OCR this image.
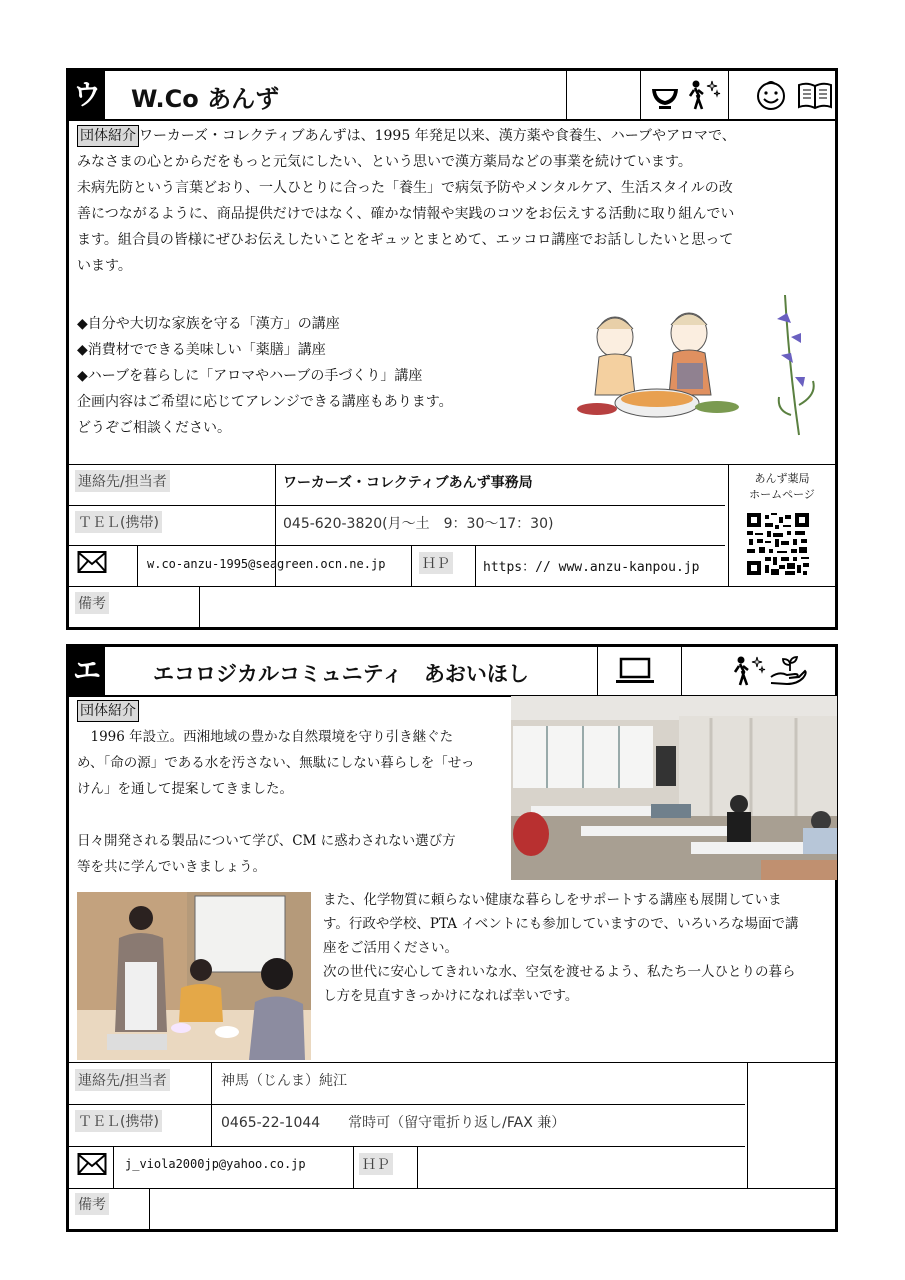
ウ W.Co あんず
団体紹介 ワーカーズ・コレクティブあんずは、1995 年発足以来、漢方薬や食養生、ハーブやアロマで、
みなさまの心とからだをもっと元気にしたい、という思いで漢方薬局などの事業を続けています。
未病先防という言葉どおり、一人ひとりに合った「養生」で病気予防やメンタルケア、生活スタイルの改
善につながるように、商品提供だけではなく、確かな情報や実践のコツをお伝えする活動に取り組んでい
ます。組合員の皆様にぜひお伝えしたいことをギュッとまとめて、エッコロ講座でお話ししたいと思って
います。
◆自分や大切な家族を守る「漢方」の講座
◆消費材でできる美味しい「薬膳」講座
◆ハーブを暮らしに「アロマやハーブの手づくり」講座
企画内容はご希望に応じてアレンジできる講座もあります。
どうぞご相談ください。
連絡先/担当者	ワーカーズ・コレクティブあんず事務局	あんず薬局
ホームページ
ＴＥＬ(携帯)	045-620-3820(月～土　9：30～17：30)
w.co-anzu-1995@seagreen.ocn.ne.jp	ＨＰ	https：// www.anzu-kanpou.jp
備考
エ エコロジカルコミュニティ　あおいほし
団体紹介
　1996 年設立。西湘地域の豊かな自然環境を守り引き継ぐた
め、「命の源」である水を汚さない、無駄にしない暮らしを「せっ
けん」を通して提案してきました。
日々開発される製品について学び、CM に惑わされない選び方
等を共に学んでいきましょう。
また、化学物質に頼らない健康な暮らしをサポートする講座も展開していま
す。行政や学校、PTA イベントにも参加していますので、いろいろな場面で講
座をご活用ください。
次の世代に安心してきれいな水、空気を渡せるよう、私たち一人ひとりの暮ら
し方を見直すきっかけになれば幸いです。
連絡先/担当者	神馬（じんま）純江
ＴＥＬ(携帯)	0465-22-1044　　常時可（留守電折り返し/FAX 兼）
j_viola2000jp@yahoo.co.jp	ＨＰ
備考
